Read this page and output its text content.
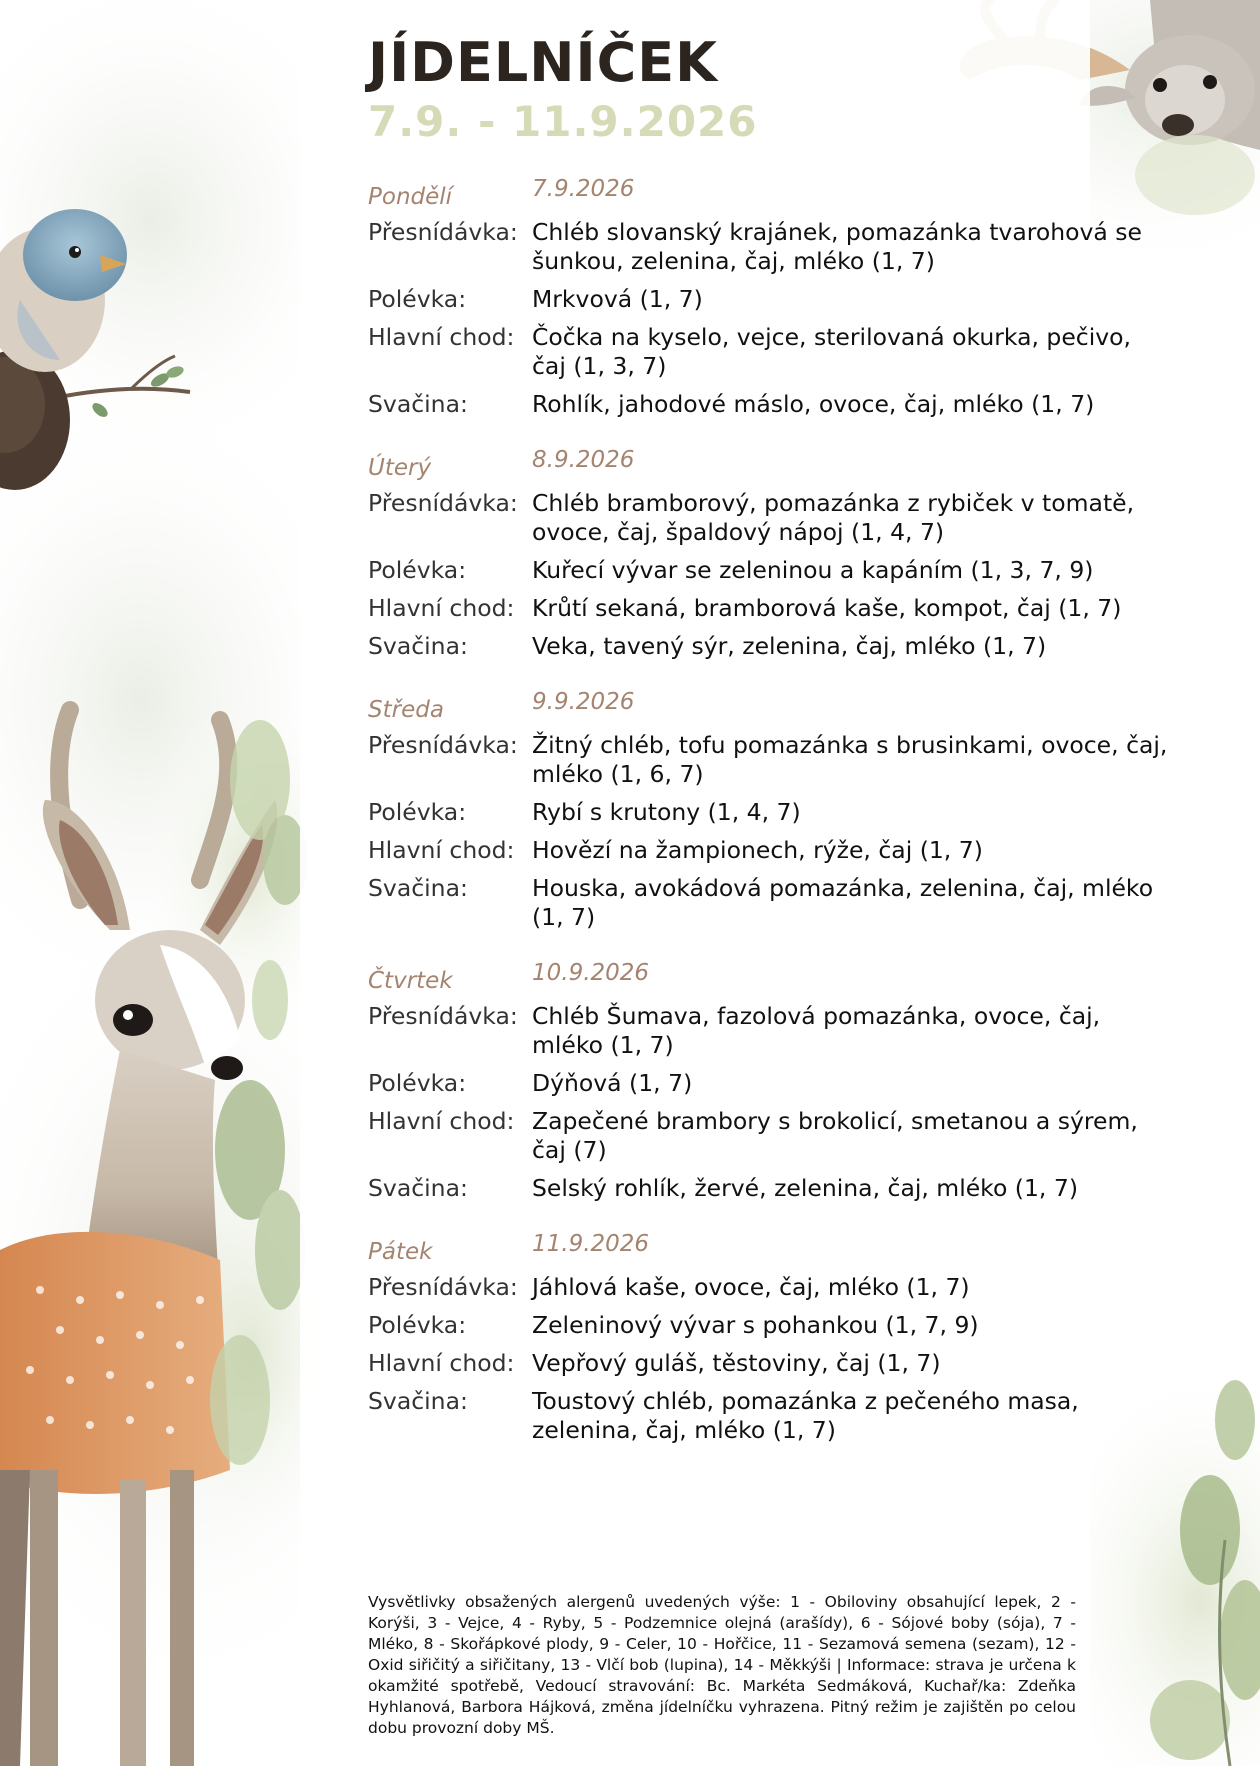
JÍDELNÍČEK
7.9. - 11.9.2026
Pondělí	7.9.2026
Přesnídávka: Chléb slovanský krajánek, pomazánka tvarohová se šunkou, zelenina, čaj, mléko (1, 7)
Polévka:	Mrkvová (1, 7)
Hlavní chod: Čočka na kyselo, vejce, sterilovaná okurka, pečivo, čaj (1, 3, 7)
Svačina:	Rohlík, jahodové máslo, ovoce, čaj, mléko (1, 7)
Úterý	8.9.2026
Přesnídávka: Chléb bramborový, pomazánka z rybiček v tomatě, ovoce, čaj, špaldový nápoj (1, 4, 7)
Polévka:	Kuřecí vývar se zeleninou a kapáním (1, 3, 7, 9)
Hlavní chod: Krůtí sekaná, bramborová kaše, kompot, čaj (1, 7)
Svačina:	Veka, tavený sýr, zelenina, čaj, mléko (1, 7)
Středa	9.9.2026
Přesnídávka: Žitný chléb, tofu pomazánka s brusinkami, ovoce, čaj, mléko (1, 6, 7)
Polévka:	Rybí s krutony (1, 4, 7)
Hlavní chod: Hovězí na žampionech, rýže, čaj (1, 7)
Svačina:	Houska, avokádová pomazánka, zelenina, čaj, mléko (1, 7)
Čtvrtek	10.9.2026
Přesnídávka: Chléb Šumava, fazolová pomazánka, ovoce, čaj, mléko (1, 7)
Polévka:	Dýňová (1, 7)
Hlavní chod: Zapečené brambory s brokolicí, smetanou a sýrem, čaj (7)
Svačina:	Selský rohlík, žervé, zelenina, čaj, mléko (1, 7)
Pátek	11.9.2026
Přesnídávka: Jáhlová kaše, ovoce, čaj, mléko (1, 7)
Polévka:	Zeleninový vývar s pohankou (1, 7, 9)
Hlavní chod: Vepřový guláš, těstoviny, čaj (1, 7)
Svačina:	Toustový chléb, pomazánka z pečeného masa, zelenina, čaj, mléko (1, 7)
Vysvětlivky obsažených alergenů uvedených výše: 1 - Obiloviny obsahující lepek, 2 - Korýši, 3 - Vejce, 4 - Ryby, 5 - Podzemnice olejná (arašídy), 6 - Sójové boby (sója), 7 - Mléko, 8 - Skořápkové plody, 9 - Celer, 10 - Hořčice, 11 - Sezamová semena (sezam), 12 - Oxid siřičitý a siřičitany, 13 - Vlčí bob (lupina), 14 - Měkkýši | Informace: strava je určena k okamžité spotřebě, Vedoucí stravování: Bc. Markéta Sedmáková, Kuchař/ka: Zdeňka Hyhlanová, Barbora Hájková, změna jídelníčku vyhrazena. Pitný režim je zajištěn po celou dobu provozní doby MŠ.
